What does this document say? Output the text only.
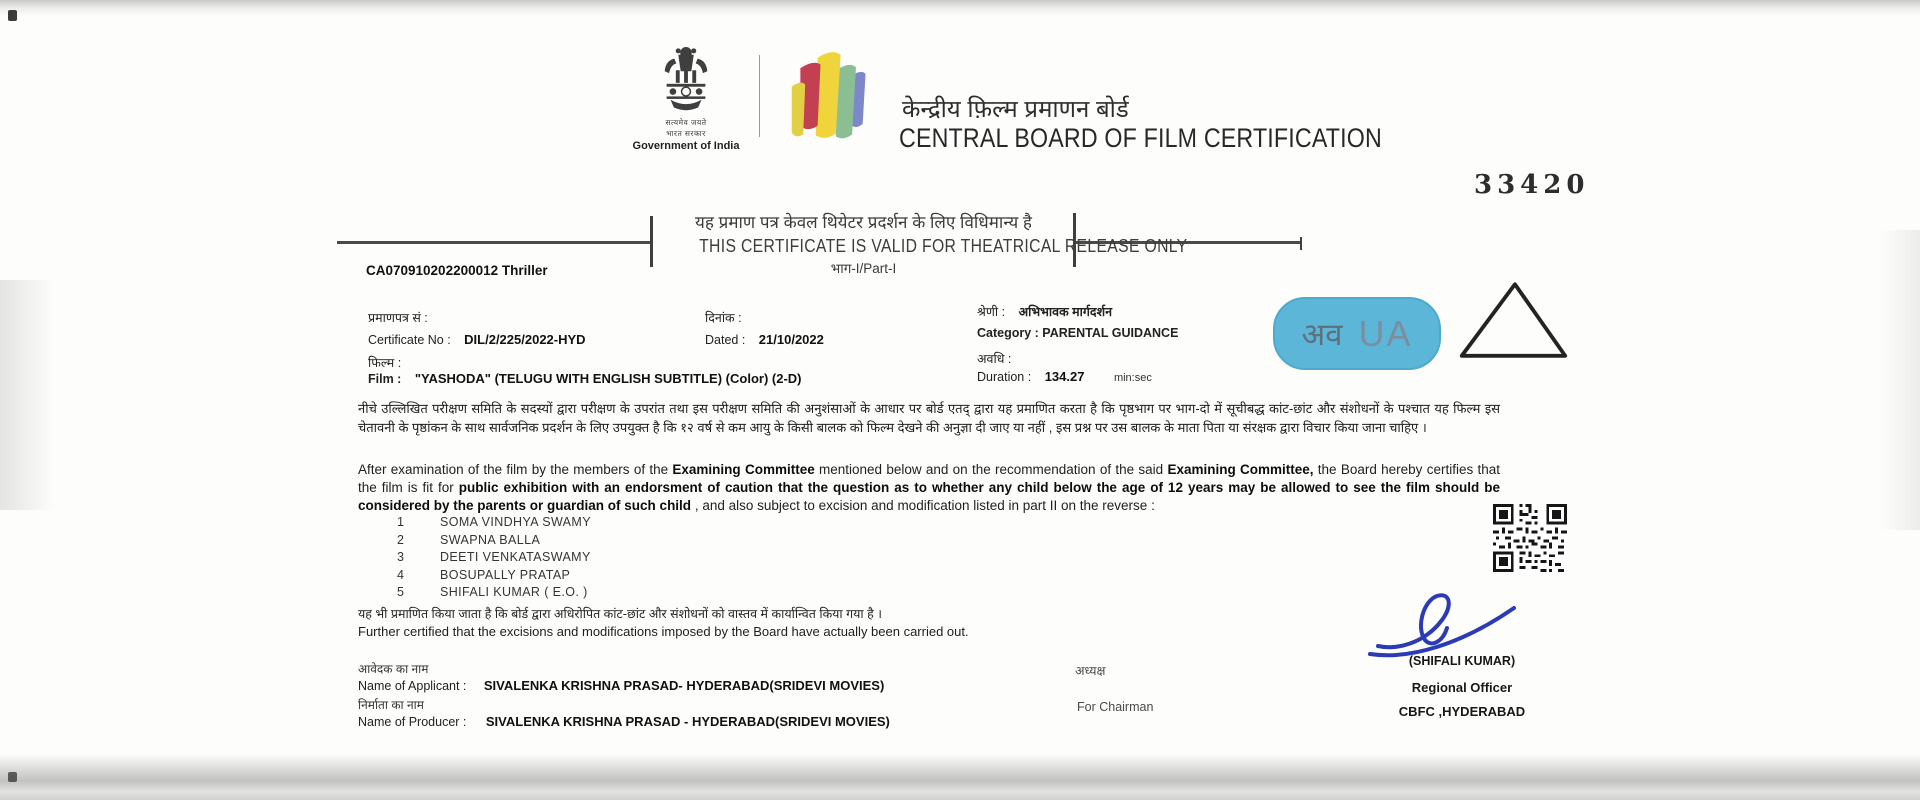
सत्यमेव जयते
भारत सरकार
Government of India
केन्द्रीय फ़िल्म प्रमाणन बोर्ड
CENTRAL BOARD OF FILM CERTIFICATION
33420
यह प्रमाण पत्र केवल थियेटर प्रदर्शन के लिए विधिमान्य है
THIS CERTIFICATE IS VALID FOR THEATRICAL RELEASE ONLY
भाग-I/Part-I
CA070910202200012 Thriller
प्रमाणपत्र सं :
Certificate No : DIL/2/225/2022-HYD
दिनांक :
Dated : 21/10/2022
श्रेणी : अभिभावक मार्गदर्शन
Category : PARENTAL GUIDANCE
फिल्म :
Film : "YASHODA" (TELUGU WITH ENGLISH SUBTITLE) (Color) (2-D)
अवधि :
Duration : 134.27	min:sec
अव UA
नीचे उल्लिखित परीक्षण समिति के सदस्यों द्वारा परीक्षण के उपरांत तथा इस परीक्षण समिति की अनुशंसाओं के आधार पर बोर्ड एतद् द्वारा यह प्रमाणित करता है कि पृष्ठभाग पर भाग-दो में सूचीबद्ध कांट-छांट और संशोधनों के पश्चात यह फिल्म इस चेतावनी के पृष्ठांकन के साथ सार्वजनिक प्रदर्शन के लिए उपयुक्त है कि १२ वर्ष से कम आयु के किसी बालक को फिल्म देखने की अनुज्ञा दी जाए या नहीं , इस प्रश्न पर उस बालक के माता पिता या संरक्षक द्वारा विचार किया जाना चाहिए ।
After examination of the film by the members of the Examining Committee mentioned below and on the recommendation of the said Examining Committee, the Board hereby certifies that the film is fit for public exhibition with an endorsment of caution that the question as to whether any child below the age of 12 years may be allowed to see the film should be considered by the parents or guardian of such child , and also subject to excision and modification listed in part II on the reverse :
1	SOMA VINDHYA SWAMY
2	SWAPNA BALLA
3	DEETI VENKATASWAMY
4	BOSUPALLY PRATAP
5	SHIFALI KUMAR ( E.O. )
यह भी प्रमाणित किया जाता है कि बोर्ड द्वारा अधिरोपित कांट-छांट और संशोधनों को वास्तव में कार्यान्वित किया गया है ।
Further certified that the excisions and modifications imposed by the Board have actually been carried out.
आवेदक का नाम
Name of Applicant : SIVALENKA KRISHNA PRASAD- HYDERABAD(SRIDEVI MOVIES)
निर्माता का नाम
Name of Producer : SIVALENKA KRISHNA PRASAD - HYDERABAD(SRIDEVI MOVIES)
अध्यक्ष
For Chairman
(SHIFALI KUMAR)
Regional Officer
CBFC ,HYDERABAD
